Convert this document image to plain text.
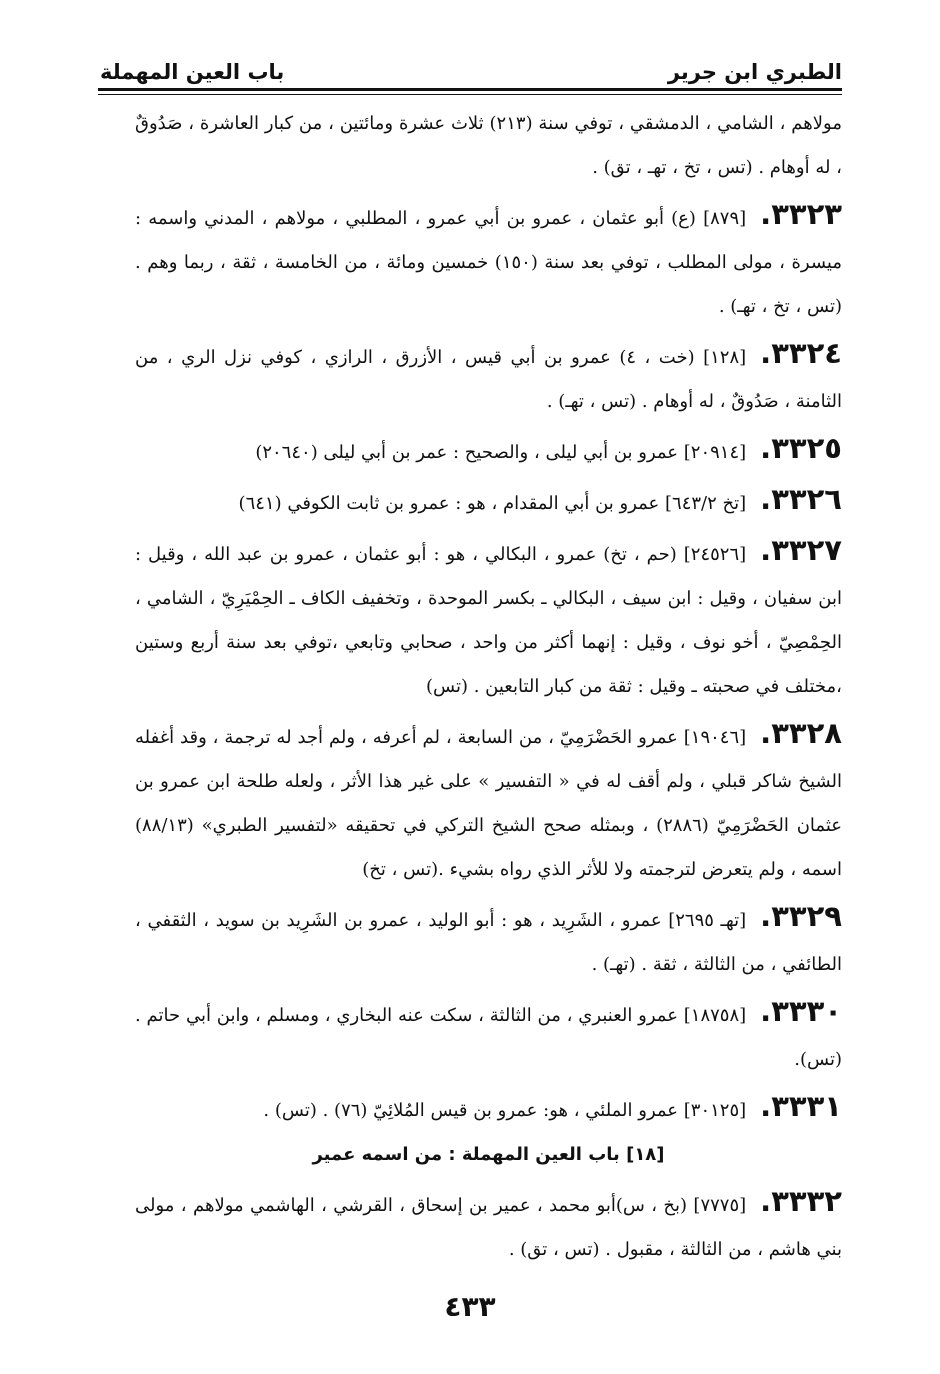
الطبري ابن جرير
باب العين المهملة

مولاهم ، الشامي ، الدمشقي ، توفي سنة (٢١٣) ثلاث عشرة ومائتين ، من كبار العاشرة ، صَدُوقٌ ، له أوهام . (تس ، تخ ، تهـ ، تق) .

٣٣٢٣.[٨٧٩] (ع) أبو عثمان ، عمرو بن أبي عمرو ، المطلبي ، مولاهم ، المدني واسمه : ميسرة ، مولى المطلب ، توفي بعد سنة (١٥٠) خمسين ومائة ، من الخامسة ، ثقة ، ربما وهم . (تس ، تخ ، تهـ) .

٣٣٢٤.[١٢٨] (خت ، ٤) عمرو بن أبي قيس ، الأزرق ، الرازي ، كوفي نزل الري ، من الثامنة ، صَدُوقٌ ، له أوهام . (تس ، تهـ) .

٣٣٢٥.[٢٠٩١٤] عمرو بن أبي ليلى ، والصحيح : عمر بن أبي ليلى (٢٠٦٤٠)

٣٣٢٦.[تخ ٦٤٣/٢] عمرو بن أبي المقدام ، هو : عمرو بن ثابت الكوفي (٦٤١)

٣٣٢٧.[٢٤٥٢٦] (حم ، تخ) عمرو ، البكالي ، هو : أبو عثمان ، عمرو بن عبد الله ، وقيل : ابن سفيان ، وقيل : ابن سيف ، البكالي ـ بكسر الموحدة ، وتخفيف الكاف ـ الحِمْيَرِيّ ، الشامي ، الحِمْصِيّ ، أخو نوف ، وقيل : إنهما أكثر من واحد ، صحابي وتابعي ،توفي بعد سنة أربع وستين ،مختلف في صحبته ـ وقيل : ثقة من كبار التابعين . (تس)

٣٣٢٨.[١٩٠٤٦] عمرو الحَضْرَمِيّ ، من السابعة ، لم أعرفه ، ولم أجد له ترجمة ، وقد أغفله الشيخ شاكر قبلي ، ولم أقف له في « التفسير » على غير هذا الأثر ، ولعله طلحة ابن عمرو بن عثمان الحَضْرَمِيّ (٢٨٨٦) ، وبمثله صحح الشيخ التركي في تحقيقه «لتفسير الطبري» (٨٨/١٣) اسمه ، ولم يتعرض لترجمته ولا للأثر الذي رواه بشيء .(تس ، تخ)

٣٣٢٩.[تهـ ٢٦٩٥] عمرو ، الشَرِيد ، هو : أبو الوليد ، عمرو بن الشَرِيد بن سويد ، الثقفي ، الطائفي ، من الثالثة ، ثقة . (تهـ) .

٣٣٣٠.[١٨٧٥٨] عمرو العنبري ، من الثالثة ، سكت عنه البخاري ، ومسلم ، وابن أبي حاتم . (تس).

٣٣٣١.[٣٠١٢٥] عمرو الملئي ، هو: عمرو بن قيس المُلائِيّ (٧٦) . (تس) .

[١٨] باب العين المهملة : من اسمه عمير

٣٣٣٢.[٧٧٧٥] (بخ ، س)أبو محمد ، عمير بن إسحاق ، القرشي ، الهاشمي مولاهم ، مولى بني هاشم ، من الثالثة ، مقبول . (تس ، تق) .

٤٣٣
